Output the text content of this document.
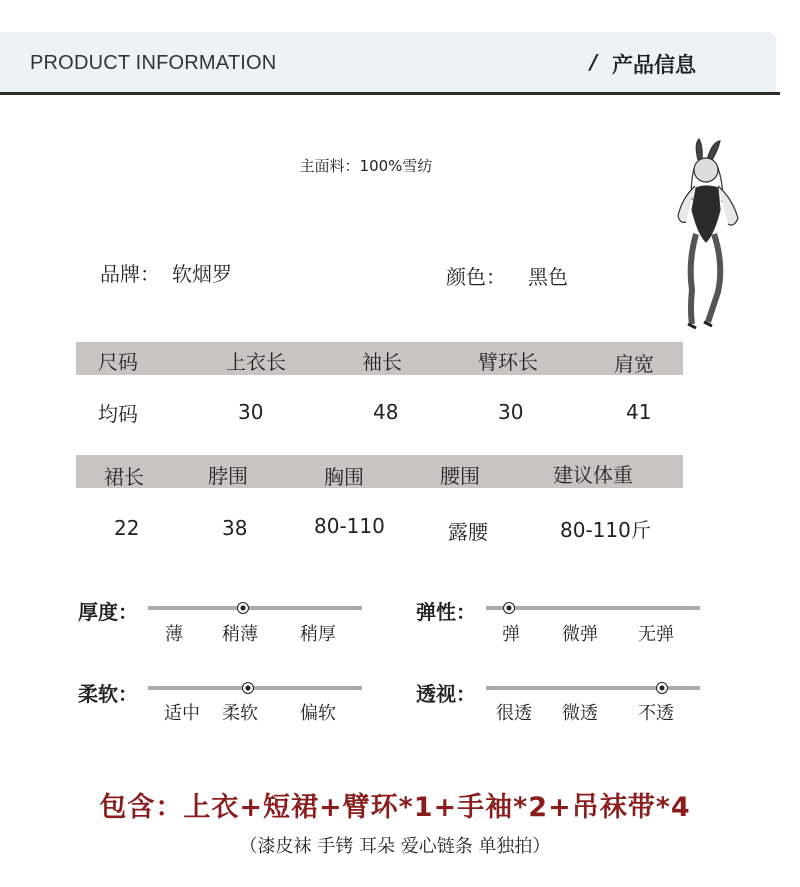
PRODUCT INFORMATION	/ 产品信息
主面料：100%雪纺
品牌： 软烟罗	颜色： 黑色
尺码	上衣长	袖长	臂环长	肩宽
均码	30	48	30	41
裙长	脖围	胸围	腰围	建议体重
22	38	80-110	露腰	80-110斤
厚度：
薄 稍薄 稍厚
弹性：
弹 微弹 无弹
柔软：
适中 柔软 偏软
透视：
很透 微透 不透
包含：上衣+短裙+臂环*1+手袖*2+吊袜带*4
（漆皮袜 手铐 耳朵 爱心链条 单独拍）
